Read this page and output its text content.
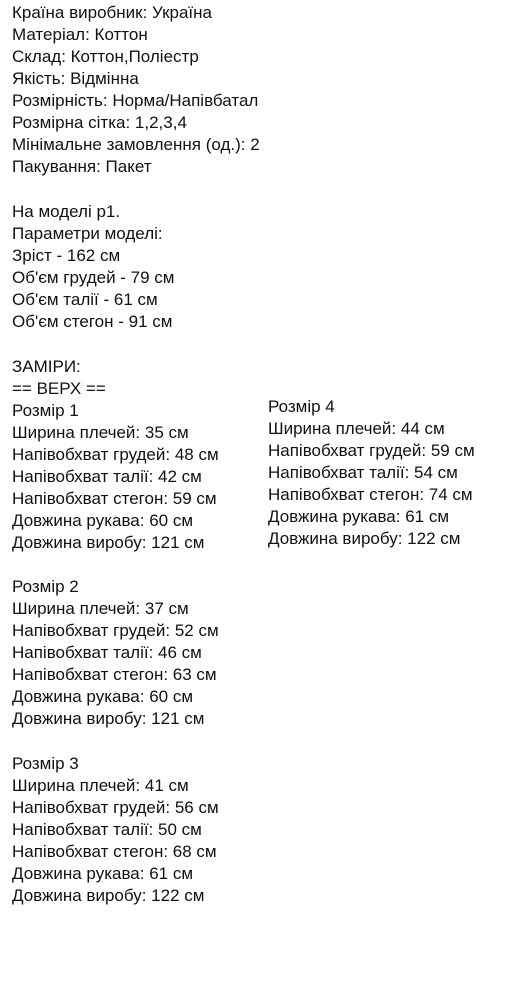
Країна виробник: Україна
Матеріал: Коттон
Склад: Коттон,Поліестр
Якість: Відмінна
Розмірність: Норма/Напівбатал
Розмірна сітка: 1,2,3,4
Мінімальне замовлення (од.): 2
Пакування: Пакет
На моделі р1.
Параметри моделі:
Зріст - 162 см
Об'єм грудей - 79 см
Об'єм талії - 61 см
Об'єм стегон - 91 см
ЗАМІРИ:
== ВЕРХ ==
Розмір 1
Ширина плечей: 35 см
Напівобхват грудей: 48 см
Напівобхват талії: 42 см
Напівобхват стегон: 59 см
Довжина рукава: 60 см
Довжина виробу: 121 см
Розмір 4
Ширина плечей: 44 см
Напівобхват грудей: 59 см
Напівобхват талії: 54 см
Напівобхват стегон: 74 см
Довжина рукава: 61 см
Довжина виробу: 122 см
Розмір 2
Ширина плечей: 37 см
Напівобхват грудей: 52 см
Напівобхват талії: 46 см
Напівобхват стегон: 63 см
Довжина рукава: 60 см
Довжина виробу: 121 см
Розмір 3
Ширина плечей: 41 см
Напівобхват грудей: 56 см
Напівобхват талії: 50 см
Напівобхват стегон: 68 см
Довжина рукава: 61 см
Довжина виробу: 122 см
